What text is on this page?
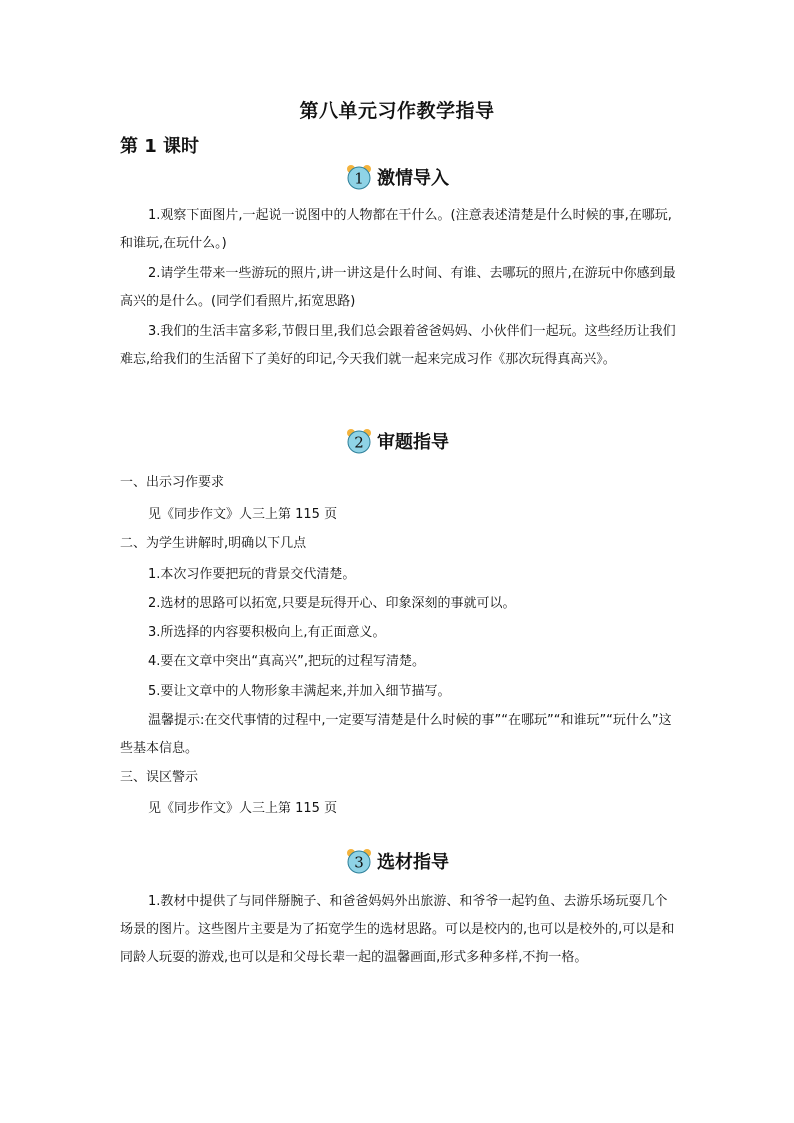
第八单元习作教学指导
第 1 课时
1 激情导入

1.观察下面图片,一起说一说图中的人物都在干什么。(注意表述清楚是什么时候的事,在哪玩,和谁玩,在玩什么。)

2.请学生带来一些游玩的照片,讲一讲这是什么时间、有谁、去哪玩的照片,在游玩中你感到最高兴的是什么。(同学们看照片,拓宽思路)

3.我们的生活丰富多彩,节假日里,我们总会跟着爸爸妈妈、小伙伴们一起玩。这些经历让我们难忘,给我们的生活留下了美好的印记,今天我们就一起来完成习作《那次玩得真高兴》。

2 审题指导
一、出示习作要求
见《同步作文》人三上第 115 页
二、为学生讲解时,明确以下几点
1.本次习作要把玩的背景交代清楚。
2.选材的思路可以拓宽,只要是玩得开心、印象深刻的事就可以。
3.所选择的内容要积极向上,有正面意义。
4.要在文章中突出“真高兴”,把玩的过程写清楚。
5.要让文章中的人物形象丰满起来,并加入细节描写。

温馨提示:在交代事情的过程中,一定要写清楚是什么时候的事”“在哪玩”“和谁玩”“玩什么”这些基本信息。

三、误区警示
见《同步作文》人三上第 115 页
3 选材指导

1.教材中提供了与同伴掰腕子、和爸爸妈妈外出旅游、和爷爷一起钓鱼、去游乐场玩耍几个场景的图片。这些图片主要是为了拓宽学生的选材思路。可以是校内的,也可以是校外的,可以是和同龄人玩耍的游戏,也可以是和父母长辈一起的温馨画面,形式多种多样,不拘一格。
